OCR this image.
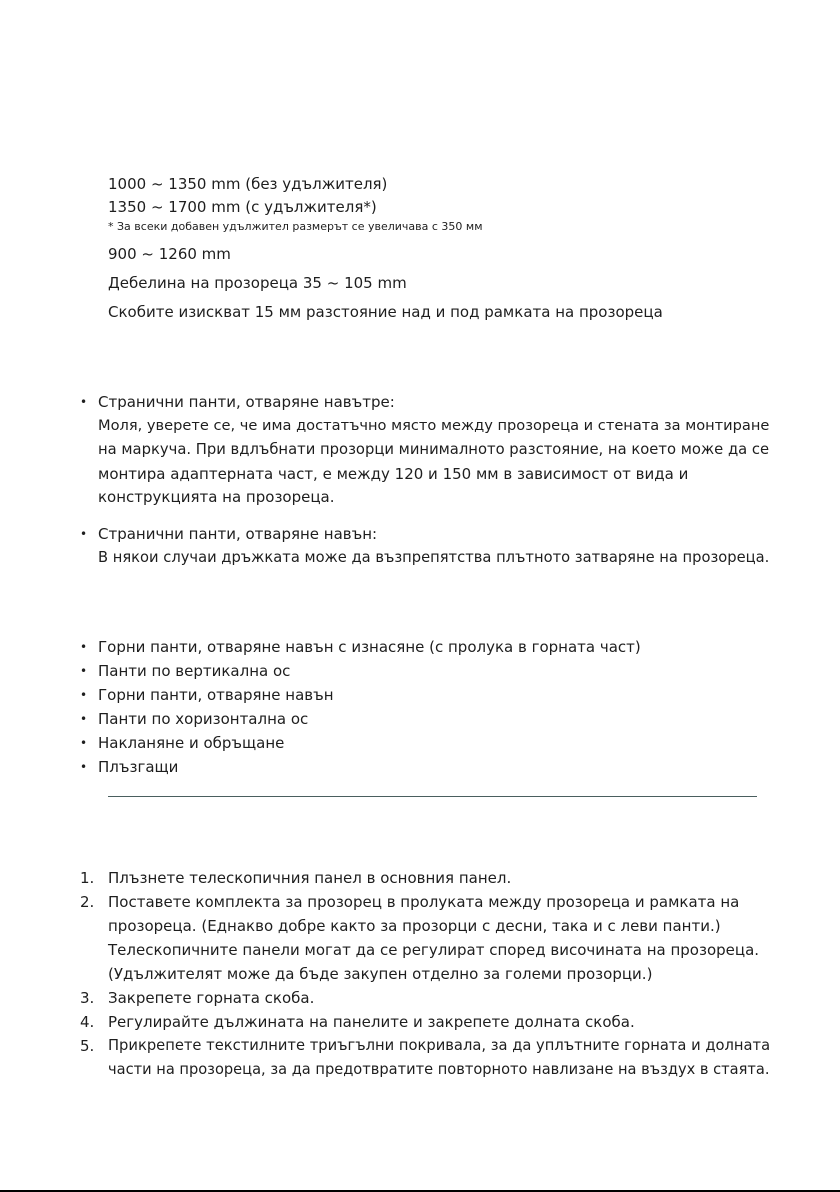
1000 ~ 1350 mm (без удължителя)
1350 ~ 1700 mm (с удължителя*)
* За всеки добавен удължител размерът се увеличава с 350 мм
900 ~ 1260 mm
Дебелина на прозореца 35 ~ 105 mm
Скобите изискват 15 мм разстояние над и под рамката на прозореца
• Странични панти, отваряне навътре:
Моля, уверете се, че има достатъчно място между прозореца и стената за монтиране
на маркуча. При вдлъбнати прозорци минималното разстояние, на което може да се
монтира адаптерната част, е между 120 и 150 мм в зависимост от вида и
конструкцията на прозореца.
• Странични панти, отваряне навън:
В някои случаи дръжката може да възпрепятства плътното затваряне на прозореца.
• Горни панти, отваряне навън с изнасяне (с пролука в горната част)
• Панти по вертикална ос
• Горни панти, отваряне навън
• Панти по хоризонтална ос
• Накланяне и обръщане
• Плъзгащи
1. Плъзнете телескопичния панел в основния панел.
2. Поставете комплекта за прозорец в пролуката между прозореца и рамката на
прозореца. (Еднакво добре както за прозорци с десни, така и с леви панти.)
Телескопичните панели могат да се регулират според височината на прозореца.
(Удължителят може да бъде закупен отделно за големи прозорци.)
3. Закрепете горната скоба.
4. Регулирайте дължината на панелите и закрепете долната скоба.
5. Прикрепете текстилните триъгълни покривала, за да уплътните горната и долната
части на прозореца, за да предотвратите повторното навлизане на въздух в стаята.
